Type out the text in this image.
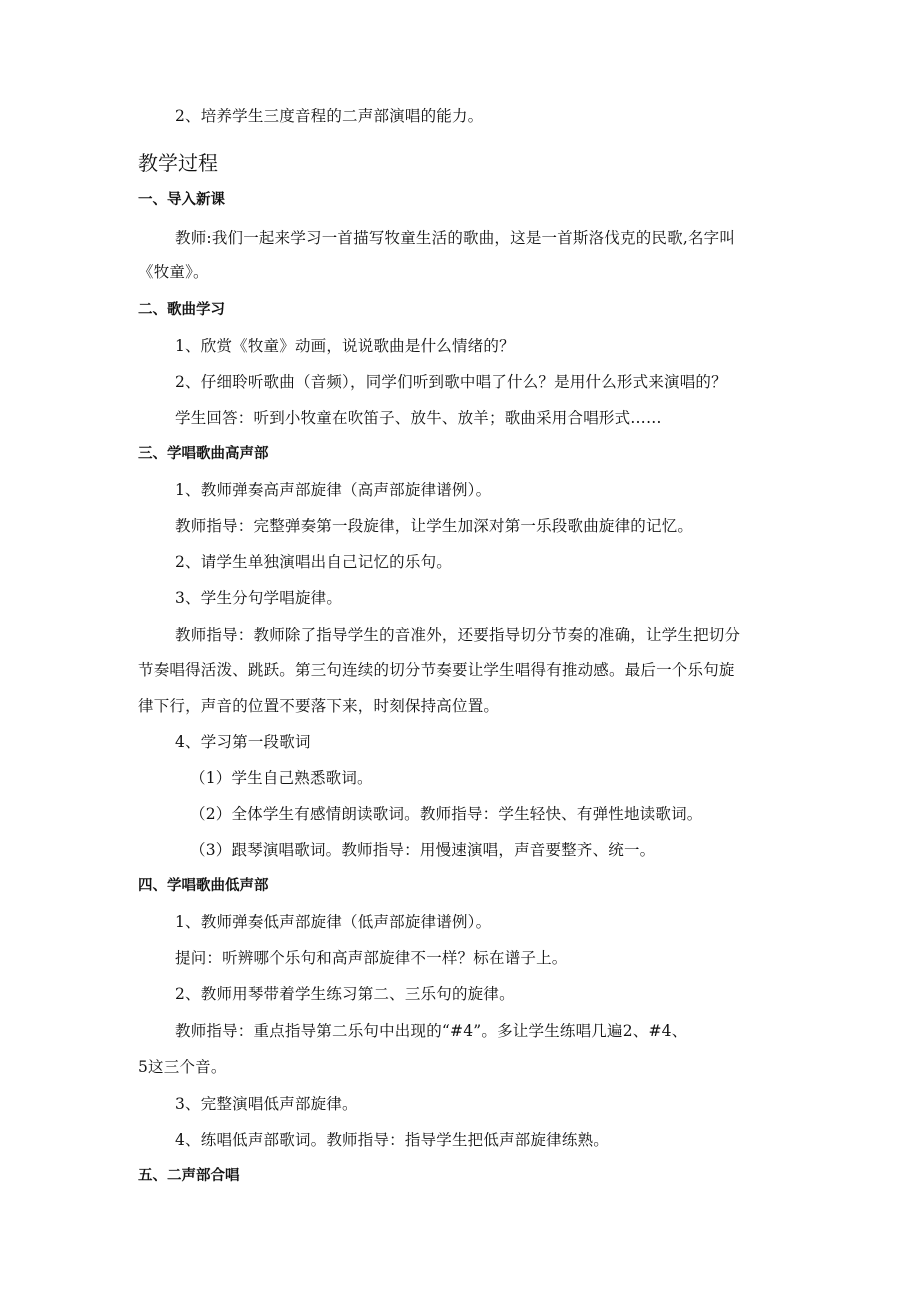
2、培养学生三度音程的二声部演唱的能力。
教学过程
一、导入新课
教师:我们一起来学习一首描写牧童生活的歌曲，这是一首斯洛伐克的民歌,名字叫
《牧童》。
二、歌曲学习
1、欣赏《牧童》动画，说说歌曲是什么情绪的？
2、仔细聆听歌曲（音频），同学们听到歌中唱了什么？是用什么形式来演唱的？
学生回答：听到小牧童在吹笛子、放牛、放羊；歌曲采用合唱形式……
三、学唱歌曲高声部
1、教师弹奏高声部旋律（高声部旋律谱例）。
教师指导：完整弹奏第一段旋律，让学生加深对第一乐段歌曲旋律的记忆。
2、请学生单独演唱出自己记忆的乐句。
3、学生分句学唱旋律。
教师指导：教师除了指导学生的音准外，还要指导切分节奏的准确，让学生把切分
节奏唱得活泼、跳跃。第三句连续的切分节奏要让学生唱得有推动感。最后一个乐句旋
律下行，声音的位置不要落下来，时刻保持高位置。
4、学习第一段歌词
（1）学生自己熟悉歌词。
（2）全体学生有感情朗读歌词。教师指导：学生轻快、有弹性地读歌词。
（3）跟琴演唱歌词。教师指导：用慢速演唱，声音要整齐、统一。
四、学唱歌曲低声部
1、教师弹奏低声部旋律（低声部旋律谱例）。
提问：听辨哪个乐句和高声部旋律不一样？标在谱子上。
2、教师用琴带着学生练习第二、三乐句的旋律。
教师指导：重点指导第二乐句中出现的“#4”。多让学生练唱几遍2、#4、
5这三个音。
3、完整演唱低声部旋律。
4、练唱低声部歌词。教师指导：指导学生把低声部旋律练熟。
五、二声部合唱
